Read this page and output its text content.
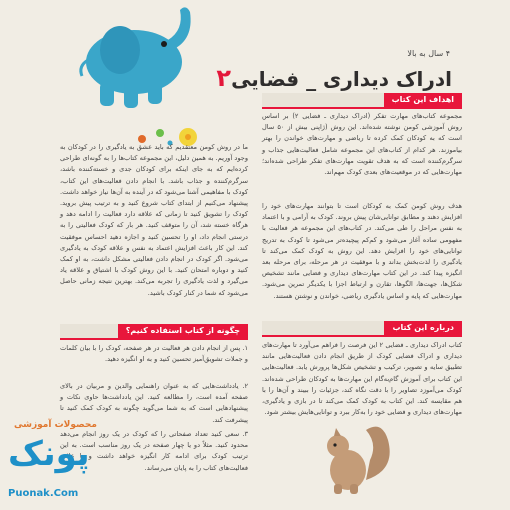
۴ سال به بالا
ادراک دیداری _ فضایی۲
اهداف این کتاب
مجموعه کتاب‌های مهارت تفکر (ادراک دیداری ـ فضایی ۲) بر اساس روش آموزشی کومن نوشته شده‌اند. این روش (ژاپنی بیش از ۵۰ سال است که به کودکان کمک کرده تا ریاضی و مهارت‌های خواندن را بهتر بیاموزند. هر کدام از کتاب‌های این مجموعه شامل فعالیت‌هایی جذاب و سرگرم‌کننده است که به هدف تقویت مهارت‌های تفکر طراحی شده‌اند؛ مهارت‌هایی که در موقعیت‌های بعدی کودک مهم‌اند.
هدف روش کومن کمک به کودکان است تا بتوانند مهارت‌های خود را افزایش دهند و مطابق توانایی‌شان پیش بروند. کودک به آرامی و با اعتماد به نفس مراحل را طی می‌کند. در کتاب‌های این مجموعه هر فعالیت با مفهومی ساده آغاز می‌شود و کم‌کم پیچیده‌تر می‌شود تا کودک به تدریج توانایی‌های خود را افزایش دهد. این روش به کودک کمک می‌کند تا یادگیری را لذت‌بخش بداند و با موفقیت در هر مرحله، برای مرحله بعد انگیزه پیدا کند. در این کتاب مهارت‌های دیداری و فضایی مانند تشخیص شکل‌ها، جهت‌ها، الگوها، تقارن و ارتباط اجزا با یکدیگر تمرین می‌شود. مهارت‌هایی که پایه و اساس یادگیری ریاضی، خواندن و نوشتن هستند.
درباره این کتاب
کتاب ادراک دیداری ـ فضایی ۲ این فرصت را فراهم می‌آورد تا مهارت‌های دیداری و ادراک فضایی کودک از طریق انجام دادن فعالیت‌هایی مانند تطبیق سایه و تصویر، ترکیب و تشخیص شکل‌ها پرورش یابد. فعالیت‌هایی این کتاب برای آموزش گام‌به‌گام این مهارت‌ها به کودکان طراحی شده‌اند. کودک می‌آموزد تصاویر را با دقت نگاه کند، جزئیات را ببیند و آن‌ها را با هم مقایسه کند. این کتاب به کودک کمک می‌کند تا در بازی و یادگیری، مهارت‌های دیداری و فضایی خود را به‌کار ببرد و توانایی‌هایش بیشتر شود.
ما در روش کومن معتقدیم که باید عشق به یادگیری را در کودکان به وجود آوریم. به همین دلیل، این مجموعه کتاب‌ها را به گونه‌ای طراحی کرده‌ایم که به جای اینکه برای کودکان جدی و خسته‌کننده باشد، سرگرم‌کننده و جذاب باشد. با انجام دادن فعالیت‌های این کتاب، کودک با مفاهیمی آشنا می‌شود که در آینده به آن‌ها نیاز خواهد داشت. پیشنهاد می‌کنیم از ابتدای کتاب شروع کنید و به ترتیب پیش بروید. کودک را تشویق کنید تا زمانی که علاقه دارد فعالیت را ادامه دهد و هرگاه خسته شد، آن را متوقف کنید. هر بار که کودک فعالیتی را به درستی انجام داد، او را تحسین کنید و اجازه دهید احساس موفقیت کند. این کار باعث افزایش اعتماد به نفس و علاقه کودک به یادگیری می‌شود. اگر کودک در انجام دادن فعالیتی مشکل داشت، به او کمک کنید و دوباره امتحان کنید. با این روش کودک با اشتیاق و علاقه یاد می‌گیرد و لذت یادگیری را تجربه می‌کند. بهترین نتیجه زمانی حاصل می‌شود که شما در کنار کودک باشید.
چگونه از کتاب استفاده کنیم؟
۱. پس از انجام دادن هر فعالیت در هر صفحه، کودک را با بیان کلمات و جملات تشویق‌آمیز تحسین کنید و به او انگیزه دهید.
۲. یادداشت‌هایی که به عنوان راهنمایی والدین و مربیان در بالای صفحه آمده است، را مطالعه کنید. این یادداشت‌ها حاوی نکات و پیشنهادهایی است که به شما می‌گوید چگونه به کودک کمک کنید تا پیشرفت کند.
۳. سعی کنید تعداد صفحاتی را که کودک در یک روز انجام می‌دهد محدود کنید. مثلاً دو یا چهار صفحه در یک روز مناسب است. به این ترتیب کودک برای ادامه کار انگیزه خواهد داشت و با علاقه فعالیت‌های کتاب را به پایان می‌رساند.
محصولات آموزشی
پونک
Puonak.Com
